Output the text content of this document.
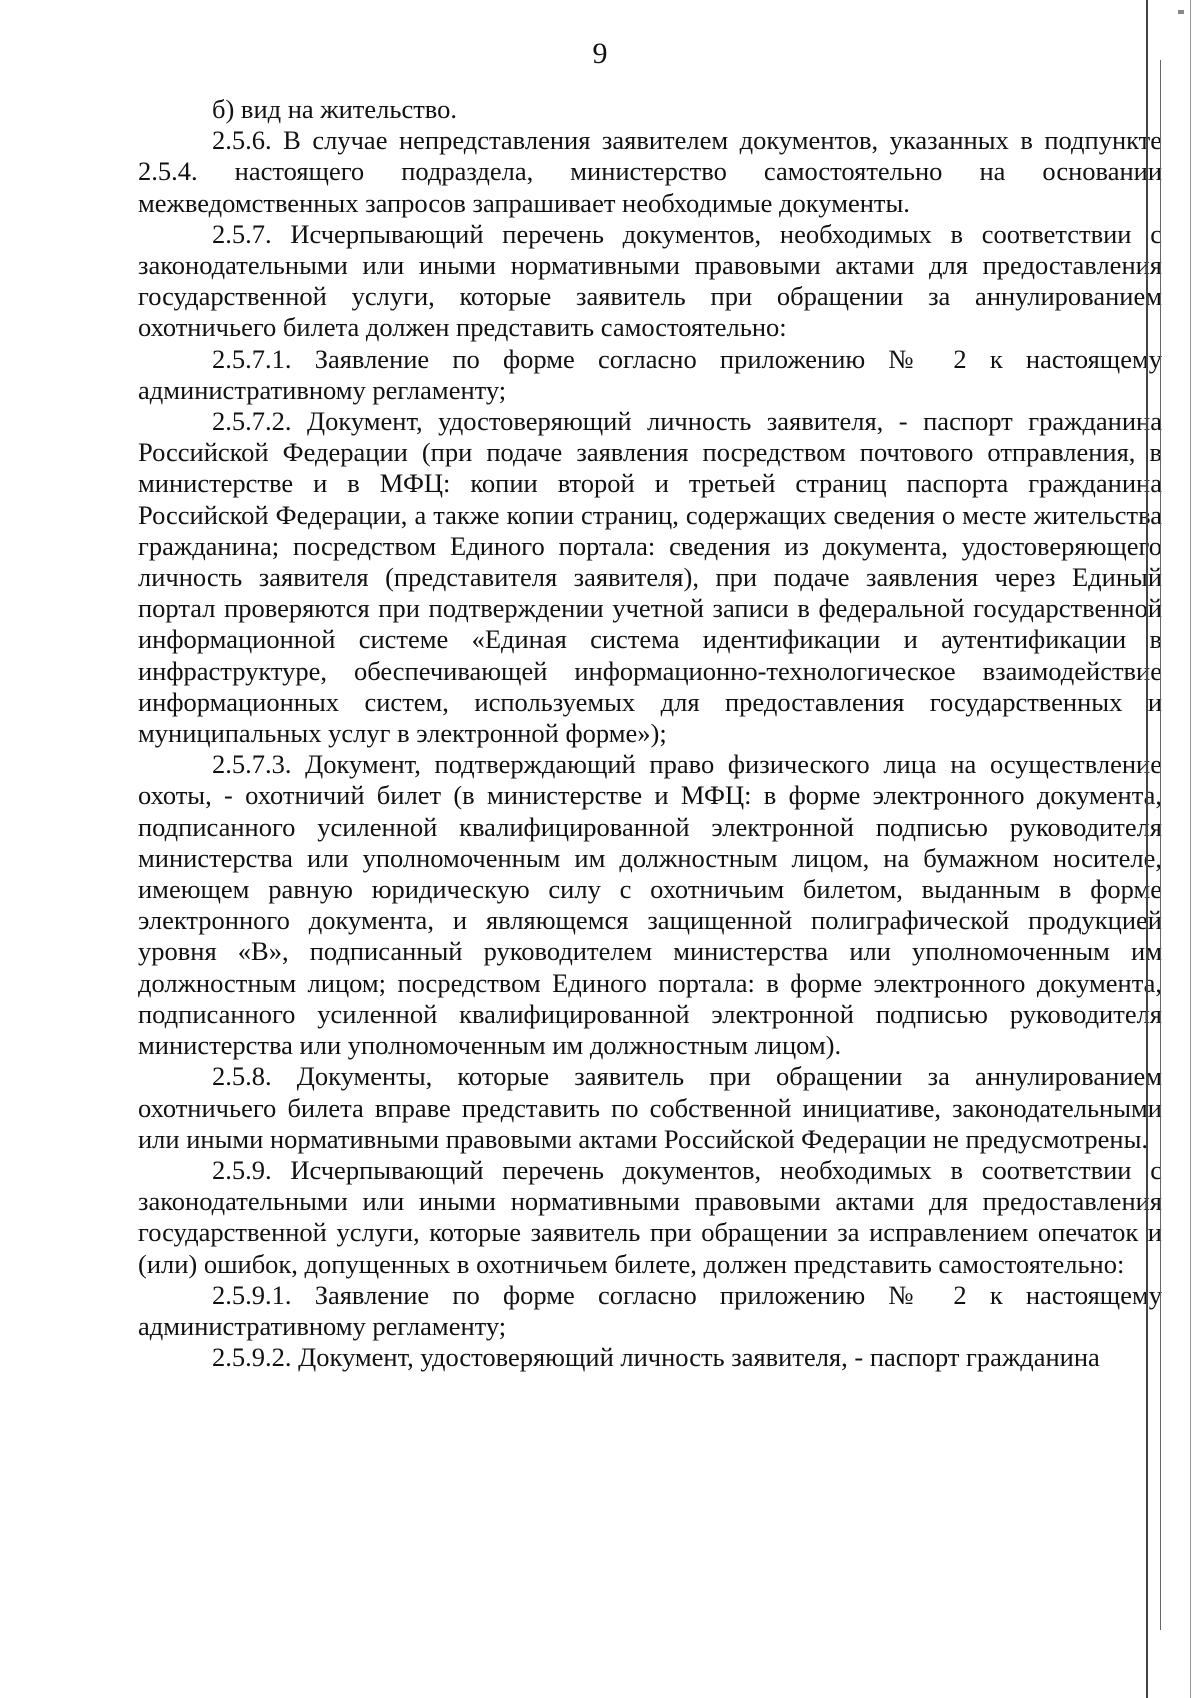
9

б) вид на жительство.

2.5.6. В случае непредставления заявителем документов, указанных в подпункте 2.5.4. настоящего подраздела, министерство самостоятельно на основании межведомственных запросов запрашивает необходимые документы.

2.5.7. Исчерпывающий перечень документов, необходимых в соответствии с законодательными или иными нормативными правовыми актами для предоставления государственной услуги, которые заявитель при обращении за аннулированием охотничьего билета должен представить самостоятельно:

2.5.7.1. Заявление по форме согласно приложению № 2 к настоящему административному регламенту;

2.5.7.2. Документ, удостоверяющий личность заявителя, - паспорт гражданина Российской Федерации (при подаче заявления посредством почтового отправления, в министерстве и в МФЦ: копии второй и третьей страниц паспорта гражданина Российской Федерации, а также копии страниц, содержащих сведения о месте жительства гражданина; посредством Единого портала: сведения из документа, удостоверяющего личность заявителя (представителя заявителя), при подаче заявления через Единый портал проверяются при подтверждении учетной записи в федеральной государственной информационной системе «Единая система идентификации и аутентификации в инфраструктуре, обеспечивающей информационно-технологическое взаимодействие информационных систем, используемых для предоставления государственных и муниципальных услуг в электронной форме»);

2.5.7.3. Документ, подтверждающий право физического лица на осуществление охоты, - охотничий билет (в министерстве и МФЦ: в форме электронного документа, подписанного усиленной квалифицированной электронной подписью руководителя министерства или уполномоченным им должностным лицом, на бумажном носителе, имеющем равную юридическую силу с охотничьим билетом, выданным в форме электронного документа, и являющемся защищенной полиграфической продукцией уровня «В», подписанный руководителем министерства или уполномоченным им должностным лицом; посредством Единого портала: в форме электронного документа, подписанного усиленной квалифицированной электронной подписью руководителя министерства или уполномоченным им должностным лицом).

2.5.8. Документы, которые заявитель при обращении за аннулированием охотничьего билета вправе представить по собственной инициативе, законодательными или иными нормативными правовыми актами Российской Федерации не предусмотрены.

2.5.9. Исчерпывающий перечень документов, необходимых в соответствии с законодательными или иными нормативными правовыми актами для предоставления государственной услуги, которые заявитель при обращении за исправлением опечаток и (или) ошибок, допущенных в охотничьем билете, должен представить самостоятельно:

2.5.9.1. Заявление по форме согласно приложению № 2 к настоящему административному регламенту;

2.5.9.2. Документ, удостоверяющий личность заявителя, - паспорт гражданина
